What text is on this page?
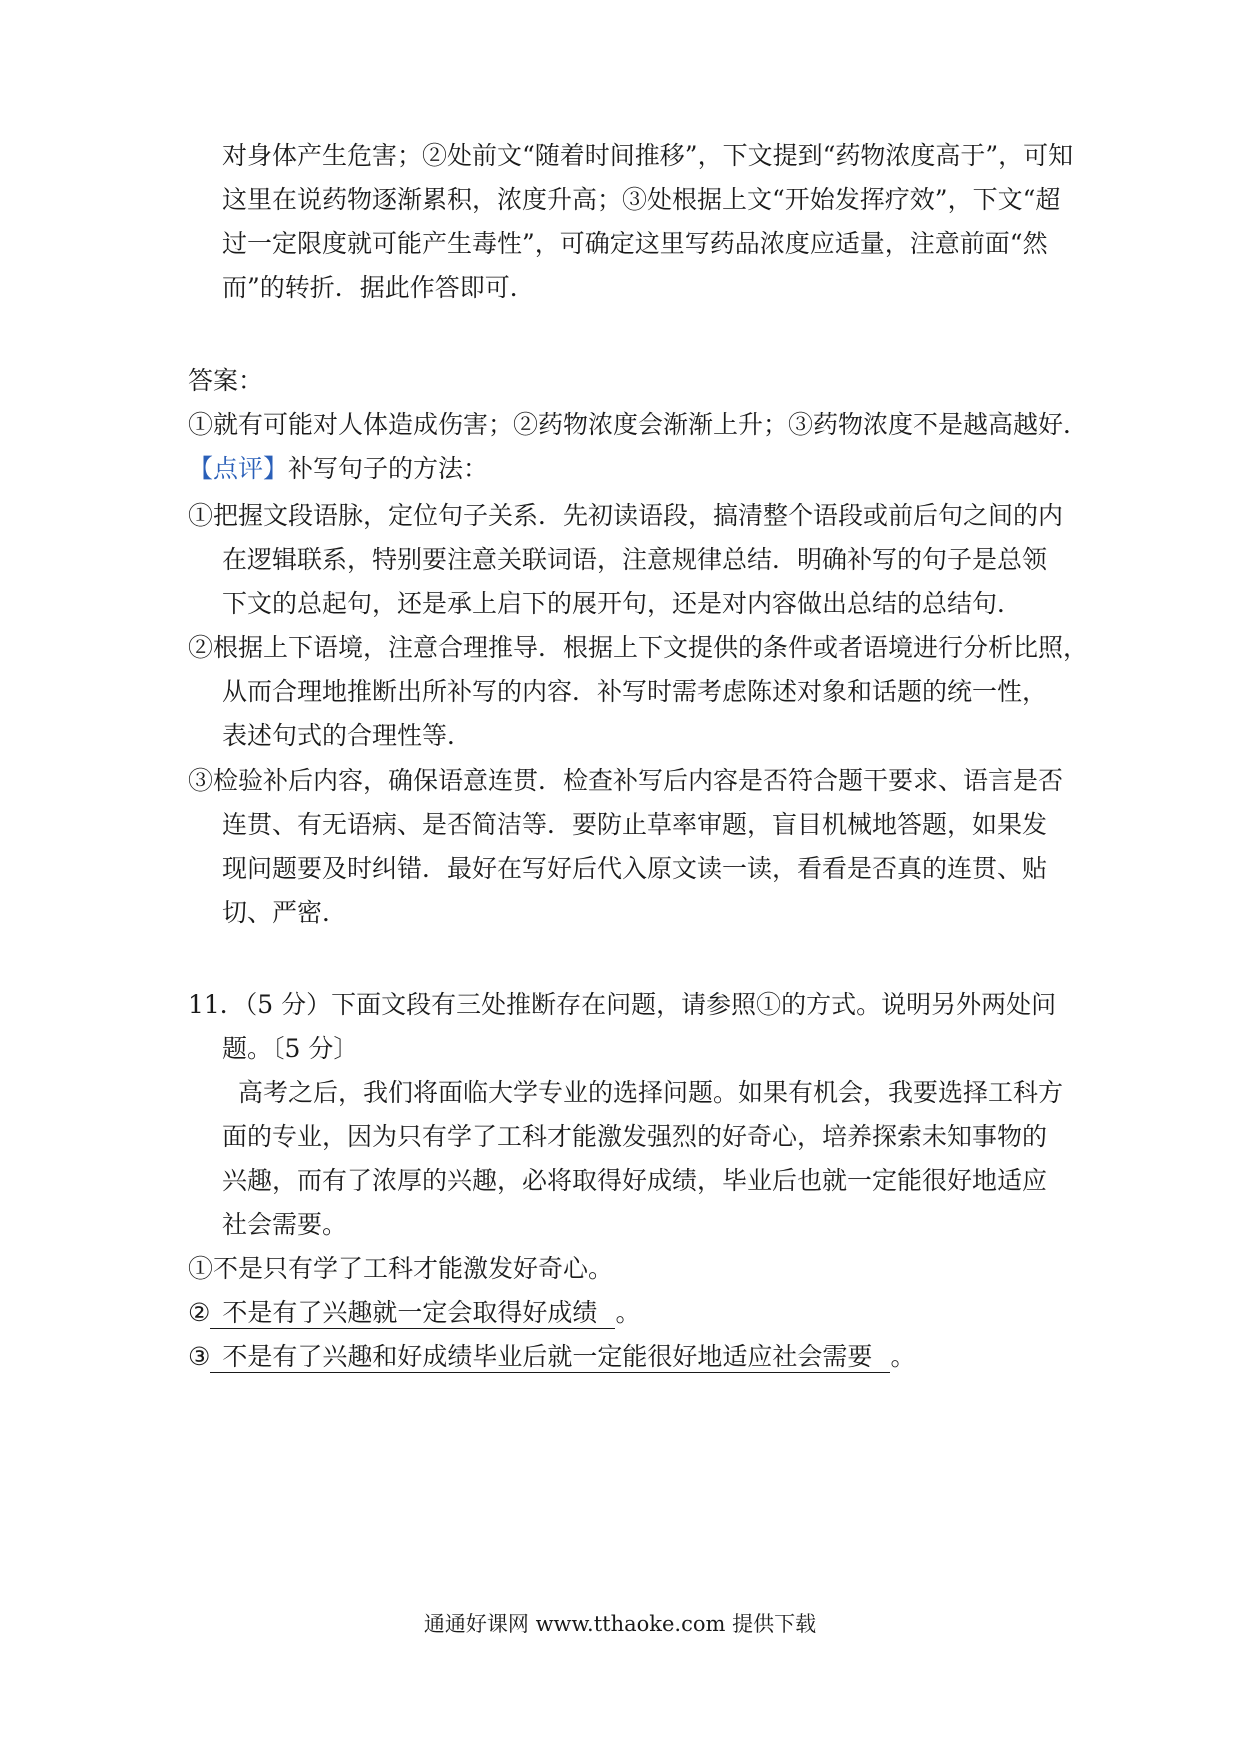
对身体产生危害；②处前文“随着时间推移”，下文提到“药物浓度高于”，可知
这里在说药物逐渐累积，浓度升高；③处根据上文“开始发挥疗效”，下文“超
过一定限度就可能产生毒性”，可确定这里写药品浓度应适量，注意前面“然
而”的转折．据此作答即可．
答案：
①就有可能对人体造成伤害；②药物浓度会渐渐上升；③药物浓度不是越高越好．
【点评】补写句子的方法：
①把握文段语脉，定位句子关系．先初读语段，搞清整个语段或前后句之间的内
在逻辑联系，特别要注意关联词语，注意规律总结．明确补写的句子是总领
下文的总起句，还是承上启下的展开句，还是对内容做出总结的总结句．
②根据上下语境，注意合理推导．根据上下文提供的条件或者语境进行分析比照，
从而合理地推断出所补写的内容．补写时需考虑陈述对象和话题的统一性，
表述句式的合理性等．
③检验补后内容，确保语意连贯．检查补写后内容是否符合题干要求、语言是否
连贯、有无语病、是否简洁等．要防止草率审题，盲目机械地答题，如果发
现问题要及时纠错．最好在写好后代入原文读一读，看看是否真的连贯、贴
切、严密．
11．（5 分）下面文段有三处推断存在问题，请参照①的方式。说明另外两处问
题。〔5 分〕
高考之后，我们将面临大学专业的选择问题。如果有机会，我要选择工科方
面的专业，因为只有学了工科才能激发强烈的好奇心，培养探索未知事物的
兴趣，而有了浓厚的兴趣，必将取得好成绩，毕业后也就一定能很好地适应
社会需要。
①不是只有学了工科才能激发好奇心。
② 不是有了兴趣就一定会取得好成绩 。
③ 不是有了兴趣和好成绩毕业后就一定能很好地适应社会需要 。
通通好课网 www.tthaoke.com 提供下载
